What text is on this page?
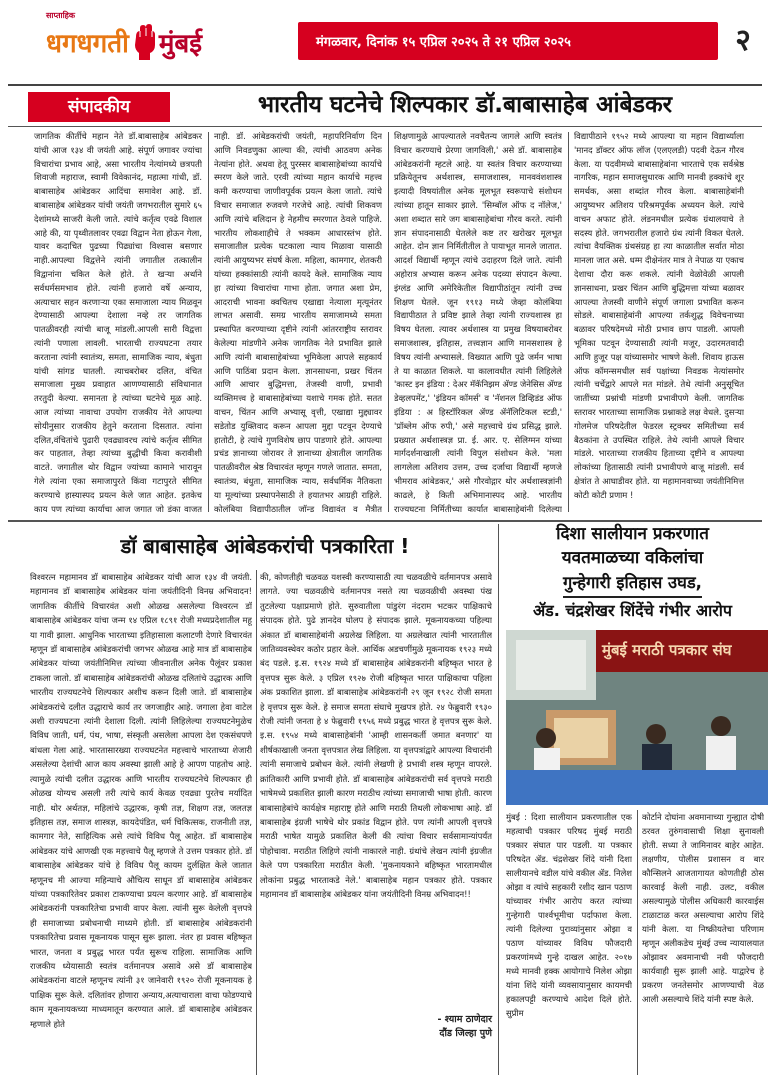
साप्ताहिक
धगधगती मुंबई	मंगळवार, दिनांक १५ एप्रिल २०२५ ते २१ एप्रिल २०२५	२
संपादकीय	भारतीय घटनेचे शिल्पकार डॉ.बाबासाहेब आंबेडकर
जागतिक कीर्तीचे महान नेते डॉ.बाबासाहेब आंबेडकर यांची आज १३४ वी जयंती आहे. संपूर्ण जगावर ज्यांचा विचारांचा प्रभाव आहे, असा भारतीय नेत्यांमध्ये छत्रपती शिवाजी महाराज, स्वामी विवेकानंद, महात्मा गांधी, डॉ. बाबासाहेब आंबेडकर आदिंचा समावेश आहे. डॉ. बाबासाहेब आंबेडकर यांची जयंती जगभरातील सुमारे ६५ देशांमध्ये साजरी केली जाते. त्यांचे कर्तृत्व एवढे विशाल आहे की, या पृथ्वीतलावर एवढा विद्वान नेता होऊन गेला, यावर कदाचित पुढच्या पिढ्यांचा विश्वास बसणार नाही.आपल्या विद्वत्तेने त्यांनी जगातील तत्कालीन विद्वानांना चकित केले होते. ते खऱ्या अर्थाने सर्वधर्मसमभाव होते. त्यांनी हजारो वर्षे अन्याय, अत्याचार सहन करणाऱ्या एका समाजाला न्याय मिळवून देण्यासाठी आपल्या देशाला नव्हे तर जागतिक पातळीवरही त्यांची बाजू मांडली.आपली सारी विद्वत्ता त्यांनी पणाला लावली. भारताची राज्यघटना तयार करताना त्यांनी स्वातंत्र्य, समता, सामाजिक न्याय, बंधुता यांची सांगड घातली. त्याचबरोबर दलित, वंचित समाजाला मुख्य प्रवाहात आणण्यासाठी संविधानात तरतुदी केल्या. समानता हे त्यांच्या घटनेचे मूळ आहे. आज त्यांच्या नावाचा उपयोग राजकीय नेते आपल्या सोयीनुसार राजकीय हेतुने करताना दिसतात. त्यांना दलित,वंचितांचे पुढारी एवढ्यावरच त्यांचे कर्तृत्व सीमित कर पाहतात, तेव्हा त्यांच्या बुद्धीची किवा करावीशी वाटते. जगातील थोर विद्वान ज्यांच्या कामाने भारावून गेले त्यांना एका समाजापुरते किंवा गटापुरते सीमित करण्याचे हास्यास्पद प्रयत्न केले जात आहेत. इतकेच काय पण त्यांच्या कार्याचा आज जगात जो डंका वाजत
नाही. डॉ. आंबेडकरांची जयंती, महापरिनिर्वाण दिन आणि निवडणुका आल्या की, त्यांची आठवण अनेक नेत्यांना होते. अथवा हेतू पुरस्सर बाबासाहेबांच्या कार्याचे स्मरण केले जाते. एरवी त्यांच्या महान कार्याचे महत्त्व कमी करण्याचा जाणीवपूर्वक प्रयत्न केला जातो. त्यांचे विचार समाजात रुजवणे गरजेचे आहे. त्यांची शिकवण आणि त्यांचे बलिदान हे नेहमीच स्मरणात ठेवले पाहिजे. भारतीय लोकशाहीचे ते भक्कम आधारस्तंभ होते. समाजातील प्रत्येक घटकाला न्याय मिळावा यासाठी त्यांनी आयुष्यभर संघर्ष केला. महिला, कामगार, शेतकरी यांच्या हक्कांसाठी त्यांनी कायदे केले. सामाजिक न्याय हा त्यांच्या विचारांचा गाभा होता. जगात अशा प्रेम, आदराची भावना क्वचितच एखाद्या नेत्याला मृत्यूनंतर लाभत असावी. समग्र भारतीय समाजामध्ये समता प्रस्थापित करण्याच्या दृष्टीने त्यांनी आंतरराष्ट्रीय स्तरावर केलेल्या मांडणीने अनेक जागतिक नेते प्रभावित झाले आणि त्यांनी बाबासाहेबांच्या भूमिकेला आपले सहकार्य आणि पाठिंबा प्रदान केला. ज्ञानसाधना, प्रखर चिंतन आणि आचार बुद्धिमत्ता, तेजस्वी वाणी, प्रभावी व्यक्तिमत्त्व हे बाबासाहेबांच्या यशाचे गमक होते. सतत वाचन, चिंतन आणि अभ्यासू वृत्ती, एखाद्या मुद्द्यावर सडेतोड युक्तिवाद करून आपला मुद्दा पटवून देण्याचे हातोटी, हे त्यांचे गुणविशेष छाप पाडणारे होते. आपल्या प्रचंड ज्ञानाच्या जोरावर ते ज्ञानाच्या क्षेत्रातील जागतिक पातळीवरील श्रेष्ठ विचारवंत म्हणून गणले जातात. समता, स्वातंत्र्य, बंधुता, सामाजिक न्याय, सर्वधर्मिक नैतिकता या मूल्यांच्या प्रस्थापनेसाठी ते हयातभर आग्रही राहिले. कोलंबिया विद्यापीठातील जॉन्ड विद्यावंत व मैत्रीत
शिक्षणामुळे आपल्यातले नवचैतन्य जागले आणि स्वतंत्र विचार करण्याचे प्रेरणा जागविली,' असे डॉ. बाबासाहेब आंबेडकरांनी म्हटले आहे. या स्वतंत्र विचार करण्याच्या प्रक्रियेतूनच अर्थशास्त्र, समाजशास्त्र, मानववंशशास्त्र इत्यादी विषयांतील अनेक मूलभूत स्वरूपाचे संशोधन त्यांच्या हातून साकार झाले. 'सिम्बॉल ऑफ द नॉलेज,' अशा शब्दात सारे जग बाबासाहेबांचा गौरव करते. त्यांनी ज्ञान संपादनासाठी घेतलेले कष्ट तर खरोखर मूलभूत आहेत. दोन ज्ञान निर्मितीतील ते पायाभूत मानले जातात. आदर्श विद्यार्थी म्हणून त्यांचे उदाहरण दिले जाते. त्यांनी अहोरात्र अभ्यास करून अनेक पदव्या संपादन केल्या. इंग्लंड आणि अमेरिकेतील विद्यापीठांतून त्यांनी उच्च शिक्षण घेतले. जून १९१३ मध्ये जेव्हा कोलंबिया विद्यापीठात ते प्रविष्ट झाले तेव्हा त्यांनी राज्यशास्त्र हा विषय घेतला. त्यावर अर्थशास्त्र या प्रमुख विषयाबरोबर समाजशास्त्र, इतिहास, तत्त्वज्ञान आणि मानसशास्त्र हे विषय त्यांनी अभ्यासले. विख्यात आणि पुढे जर्मन भाषा ते या काळात शिकले. या कालावधीत त्यांनी लिहिलेले 'कास्ट इन इंडिया : देअर मॅकॅनिझम ॲण्ड जेनेसिस ॲण्ड डेव्हलपमेंट,' 'इंडियन कॉमर्स' व 'नॅशनल डिव्हिडंड ऑफ इंडिया : अ हिस्टॉरिकल ॲण्ड ॲनॅलिटिकल स्टडी,' 'प्रॉब्लेम ऑफ रुपी,' असे महत्त्वाचे ग्रंथ प्रसिद्ध झाले. प्रख्यात अर्थशास्त्रज्ञ प्रा. ई. आर. ए. सेलिग्मन यांच्या मार्गदर्शनाखाली त्यांनी विपुल संशोधन केले. 'मला लागलेला अतिशय उत्तम, उच्च दर्जाचा विद्यार्थी म्हणजे भीमराव आंबेडकर,' असे गौरवोद्गार थोर अर्थशास्त्रज्ञांनी काढले, हे किती अभिमानास्पद आहे. भारतीय राज्यघटना निर्मितीच्या कार्यात बाबासाहेबांनी दिलेल्या
विद्यापीठाने १९५२ मध्ये आपल्या या महान विद्यार्थ्याला 'मानद डॉक्टर ऑफ लॉज (एलएलडी) पदवी देऊन गौरव केला. या पदवीमध्ये बाबासाहेबांना भारताचे एक सर्वश्रेष्ठ नागरिक, महान समाजसुधारक आणि मानवी हक्कांचे शूर समर्थक, असा शब्दांत गौरव केला. बाबासाहेबांनी आयुष्यभर अतिशय परिश्रमपूर्वक अध्ययन केले. त्यांचे वाचन अफाट होते. लंडनमधील प्रत्येक ग्रंथालयाचे ते सदस्य होते. जगभरातील हजारो ग्रंथ त्यांनी विकत घेतले. त्यांचा वैयक्तिक ग्रंथसंग्रह हा त्या काळातील सर्वात मोठा मानला जात असे. धम्म दीक्षेनंतर मात्र ते नेपाळ या एकाच देशाचा दौरा करू शकले. त्यांनी वेळोवेळी आपली ज्ञानसाधना, प्रखर चिंतन आणि बुद्धिमत्ता यांच्या बळावर आपल्या तेजस्वी वाणीने संपूर्ण जगाला प्रभावित करून सोडले. बाबासाहेबांनी आपल्या तर्कशुद्ध विवेचनाच्या बळावर परिषदेमध्ये मोठी प्रभाव छाप पाडली. आपली भूमिका पटवून देण्यासाठी त्यांनी मजूर, उदारमतवादी आणि हुजूर पक्ष यांच्यासमोर भाषणे केली. शिवाय हाऊस ऑफ कॉमन्समधील सर्व पक्षांच्या निवडक नेत्यांसमोर त्यांनी चर्चेद्वारे आपले मत मांडले. तेथे त्यांनी अनुसूचित जातींच्या प्रश्नांची मांडणी प्रभावीपणे केली. जागतिक स्तरावर भारताच्या सामाजिक प्रश्नाकडे लक्ष वेधले. दुसऱ्या गोलमेज परिषदेतील फेडरल स्ट्रक्चर समितीच्या सर्व बैठकांना ते उपस्थित राहिले. तेथे त्यांनी आपले विचार मांडले. भारताच्या राजकीय हिताच्या दृष्टीने व आपल्या लोकांच्या हितासाठी त्यांनी प्रभावीपणे बाजू मांडली. सर्व क्षेत्रांत ते आघाडीवर होते. या महामानवाच्या जयंतीनिमित्त कोटी कोटी प्रणाम !
डॉ बाबासाहेब आंबेडकरांची पत्रकारिता !
विश्वरत्न महामानव डॉ बाबासाहेब आंबेडकर यांची आज १३४ वी जयंती. महामानव डॉ बाबासाहेब आंबेडकर यांना जयंतीदिनी विनम्र अभिवादन! जागतिक कीर्तीचे विचारवंत अशी ओळख असलेल्या विश्वरत्न डॉ बाबासाहेब आंबेडकर यांचा जन्म १४ एप्रिल १८९१ रोजी मध्यप्रदेशातील महू या गावी झाला. आधुनिक भारताच्या इतिहासाला कलाटणी देणारे विचारवंत म्हणून डॉ बाबासाहेब आंबेडकरांची जगभर ओळख आहे मात्र डॉ बाबासाहेब आंबेडकर यांच्या जयंतीनिमित्त त्यांच्या जीवनातील अनेक पैलूंवर प्रकाश टाकला जातो. डॉ बाबासाहेब आंबेडकरांची ओळख दलितांचे उद्धारक आणि भारतीय राज्यघटनेचे शिल्पकार अशीच करून दिली जाते. डॉ बाबासाहेब आंबेडकरांचे दलीत उद्धाराचे कार्य तर जगजाहीर आहे. जगाला हेवा वाटेल अशी राज्यघटना त्यांनी देशाला दिली. त्यांनी लिहिलेल्या राज्यघटनेमुळेच विविध जाती, धर्म, पंथ, भाषा, संस्कृती असलेला आपला देश एकसंधपणे बांधला गेला आहे. भारतासारख्या राज्यघटनेत महत्त्वाचे भारताच्या शेजारी असलेल्या देशांची आज काय अवस्था झाली आहे हे आपण पाहतोच आहे. त्यामुळे त्यांची दलीत उद्धारक आणि भारतीय राज्यघटनेचे शिल्पकार ही ओळख योग्यच असली तरी त्यांचे कार्य केवळ एवढ्या पुरतेच मर्यादित नाही. थोर अर्थतज्ञ, महिलांचे उद्धारक, कृषी तज्ञ, शिक्षण तज्ञ, जलतज्ञ इतिहास तज्ञ, समाज शास्त्रज्ञ, कायदेपंडित, धर्म चिकित्सक, राजनीती तज्ञ, कामगार नेते, साहित्यिक असे त्यांचे विविध पैलू आहेत. डॉ बाबासाहेब आंबेडकर यांचे आणखी एक महत्त्वाचे पैलू म्हणजे ते उत्तम पत्रकार होते. डॉ बाबासाहेब आंबेडकर यांचे हे विविध पैलू कायम दुर्लक्षित केले जातात म्हणूनच मी आज्या महिन्याचे औचित्य साधून डॉ बाबासाहेब आंबेडकर यांच्या पत्रकारितेवर प्रकाश टाकण्याचा प्रयत्न करणार आहे. डॉ बाबासाहेब आंबेडकरांनी पत्रकारितेचा प्रभावी वापर केला. त्यांनी सुरू केलेली वृत्तपत्रे ही समाजाच्या प्रबोधनाची माध्यमे होती. डॉ बाबासाहेब आंबेडकरांनी पत्रकारितेचा प्रवास मूकनायक पासून सुरू झाला. नंतर हा प्रवास बहिष्कृत भारत, जनता व प्रबुद्ध भारत पर्यंत सुरूच राहिला. सामाजिक आणि राजकीय ध्येयासाठी स्वतंत्र वर्तमानपत्र असावे असे डॉ बाबासाहेब आंबेडकरांना वाटले म्हणूनच त्यांनी ३१ जानेवारी १९२० रोजी मूकनायक हे पाक्षिक सुरू केले. दलितांवर होणारा अन्याय,अत्याचाराला वाचा फोडण्याचे काम मूकनायकच्या माध्यमातून करण्यात आले. डॉ बाबासाहेब आंबेडकर म्हणाले होते
की, कोणतीही चळवळ यशस्वी करण्यासाठी त्या चळवळीचे वर्तमानपत्र असावे लागते. ज्या चळवळीचे वर्तमानपत्र नसते त्या चळवळीची अवस्था पंख तुटलेल्या पक्षाप्रमाणे होते. सुरुवातीला पांडुरंग नंदराम भटकर पाक्षिकाचे संपादक होते. पुढे ज्ञानदेव घोलप हे संपादक झाले. मूकनायकच्या पहिल्या अंकात डॉ बाबासाहेबांनी अग्रलेख लिहिला. या अग्रलेखात त्यांनी भारतातील जातिव्यवस्थेवर कठोर प्रहार केले. आर्थिक अडचणींमुळे मूकनायक १९२३ मध्ये बंद पडले. इ.स. १९२४ मध्ये डॉ बाबासाहेब आंबेडकरांनी बहिष्कृत भारत हे वृत्तपत्र सुरू केले. ३ एप्रिल १९२७ रोजी बहिष्कृत भारत पाक्षिकाचा पहिला अंक प्रकाशित झाला. डॉ बाबासाहेब आंबेडकरांनी २९ जून १९२८ रोजी समता हे वृत्तपत्र सुरू केले. हे समाज समता संघाचे मुखपत्र होते. २४ फेब्रुवारी १९३० रोजी त्यांनी जनता हे ४ फेब्रुवारी १९५६ मध्ये प्रबुद्ध भारत हे वृत्तपत्र सुरू केले. इ.स. १९५४ मध्ये बाबासाहेबांनी 'आम्ही शासनकर्ती जमात बनणार' या शीर्षकाखाली जनता वृत्तपत्रात लेख लिहिला. या वृत्तपत्रांद्वारे आपल्या विचारांनी त्यांनी समाजाचे प्रबोधन केले. त्यांनी लेखणी हे प्रभावी शस्त्र म्हणून वापरले. क्रांतिकारी आणि प्रभावी होते. डॉ बाबासाहेब आंबेडकरांची सर्व वृत्तपत्रे मराठी भाषेमध्ये प्रकाशित झाली कारण मराठीच त्यांच्या समाजाची भाषा होती. कारण बाबासाहेबांचे कार्यक्षेत्र महाराष्ट्र होते आणि मराठी तिथली लोकभाषा आहे. डॉ बाबासाहेब इंग्रजी भाषेचे थोर प्रकांड विद्वान होते. पण त्यांनी आपली वृत्तपत्रे मराठी भाषेत यामुळे प्रकाशित केली की त्यांचा विचार सर्वसामान्यांपर्यंत पोहोचावा. मराठीत लिहिणे त्यांनी नाकारले नाही. ग्रंथांचे लेखन त्यांनी इंग्रजीत केले पण पत्रकारिता मराठीत केली. 'मुकनायकाने बहिष्कृत भारतामधील लोकांना प्रबुद्ध भारताकडे नेले.' बाबासाहेब महान पत्रकार होते. पत्रकार महामानव डॉ बाबासाहेब आंबेडकर यांना जयंतीदिनी विनम्र अभिवादन!!
- श्याम ठाणेदार
दौंड जिल्हा पुणे
दिशा सालीयान प्रकरणात
यवतमाळच्या वकिलांचा
गुन्हेगारी इतिहास उघड,
ॲड. चंद्रशेखर शिंदेंचे गंभीर आरोप
मुंबई मराठी पत्रकार संघ
मुंबई : दिशा सालीयान प्रकरणातील एक महत्वाची पत्रकार परिषद मुंबई मराठी पत्रकार संघात पार पडली. या पत्रकार परिषदेत ॲड. चंद्रशेखर शिंदे यांनी दिशा सालीयानचे वडील यांचे वकील ॲड. निलेश ओझा व त्यांचे सहकारी रशीद खान पठाण यांच्यावर गंभीर आरोप करत त्यांच्या गुन्हेगारी पार्श्वभूमीचा पर्दाफाश केला. त्यांनी दिलेल्या पुराव्यांनुसार ओझा व पठाण यांच्यावर विविध फौजदारी प्रकरणांमध्ये गुन्हे दाखल आहेत. २०१७ मध्ये मानवी हक्क आयोगाचे निलेश ओझा यांना शिंदे यांनी व्यवसायानुसार कायमची हकालपट्टी करण्याचे आदेश दिले होते. सुप्रीम
कोर्टाने दोघांना अवमानाच्या गुन्ह्यात दोषी ठरवत तुरुंगवासाची शिक्षा सुनावली होती. सध्या ते जामिनावर बाहेर आहेत. लक्षणीय, पोलीस प्रशासन व बार कौन्सिलने आजतागायत कोणतीही ठोस कारवाई केली नाही. उलट, वकील असल्यामुळे पोलीस अधिकारी कारवाईस टाळाटाळ करत असल्याचा आरोप शिंदे यांनी केला. या निष्क्रीयतेचा परिणाम म्हणून अलीकडेच मुंबई उच्च न्यायालयात ओझावर अवमानाची नवी फौजदारी कार्यवाही सुरू झाली आहे. याद्वारेच हे प्रकरण जनतेसमोर आणण्याची वेळ आली असल्याचे शिंदे यांनी स्पष्ट केले.
